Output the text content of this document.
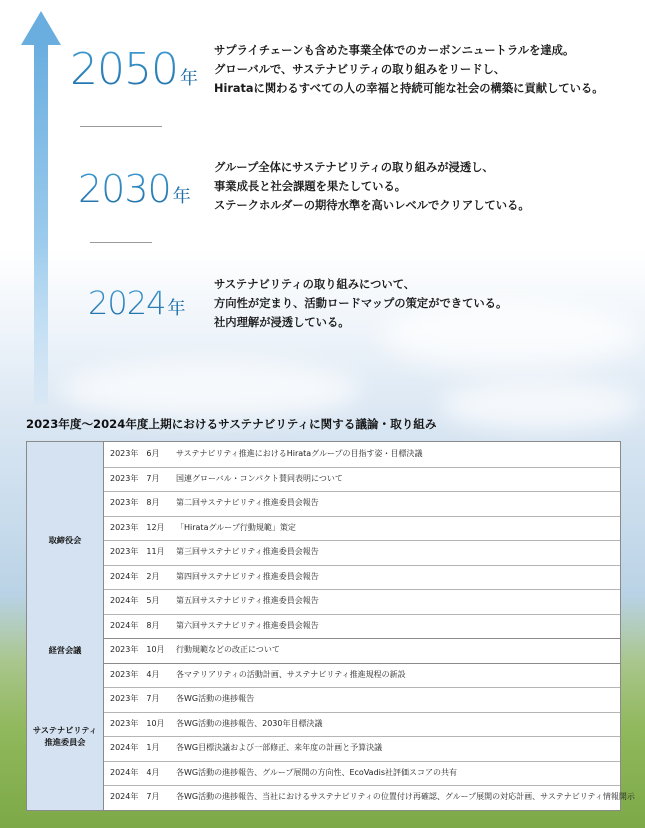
2050 年
サプライチェーンも含めた事業全体でのカーボンニュートラルを達成。
グローバルで、サステナビリティの取り組みをリードし、
Hirataに関わるすべての人の幸福と持続可能な社会の構築に貢献している。
2030 年
グループ全体にサステナビリティの取り組みが浸透し、
事業成長と社会課題を果たしている。
ステークホルダーの期待水準を高いレベルでクリアしている。
2024 年
サステナビリティの取り組みについて、
方向性が定まり、活動ロードマップの策定ができている。
社内理解が浸透している。
2023年度〜2024年度上期におけるサステナビリティに関する議論・取り組み
取締役会
2023年　6月	サステナビリティ推進におけるHirataグループの目指す姿・目標決議
2023年　7月	国連グローバル・コンパクト賛同表明について
2023年　8月	第二回サステナビリティ推進委員会報告
2023年　12月	「Hirataグループ行動規範」策定
2023年　11月	第三回サステナビリティ推進委員会報告
2024年　2月	第四回サステナビリティ推進委員会報告
2024年　5月	第五回サステナビリティ推進委員会報告
2024年　8月	第六回サステナビリティ推進委員会報告
経営会議	2023年　10月	行動規範などの改正について
サステナビリティ
推進委員会
2023年　4月	各マテリアリティの活動計画、サステナビリティ推進規程の新設
2023年　7月	各WG活動の進捗報告
2023年　10月	各WG活動の進捗報告、2030年目標決議
2024年　1月	各WG目標決議および一部修正、来年度の計画と予算決議
2024年　4月	各WG活動の進捗報告、グループ展開の方向性、EcoVadis社評価スコアの共有
2024年　7月	各WG活動の進捗報告、当社におけるサステナビリティの位置付け再確認、グループ展開の対応計画、サステナビリティ情報開示
